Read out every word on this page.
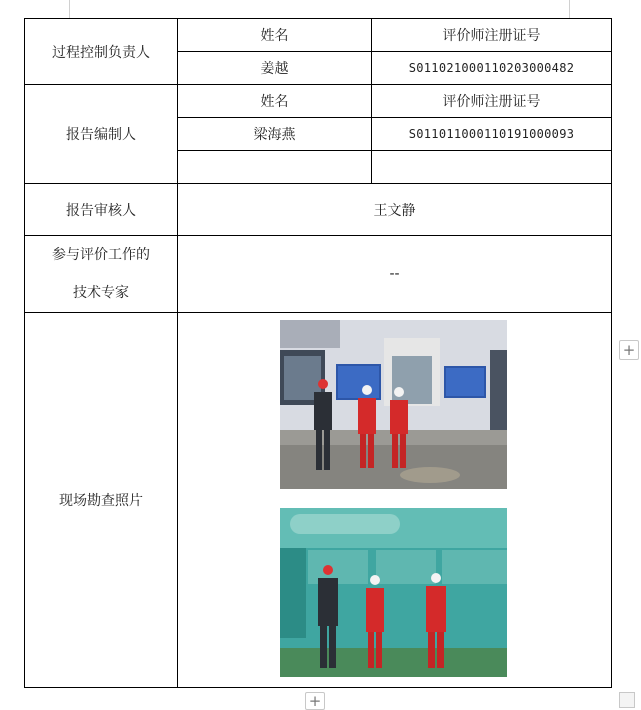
过程控制负责人	姓名	评价师注册证号
	姜越	S011021000110203000482
报告编制人	姓名	评价师注册证号
	梁海燕	S011011000110191000093

报告审核人	王文静	
参与评价工作的
技术专家	--	
现场勘查照片	
+
+
